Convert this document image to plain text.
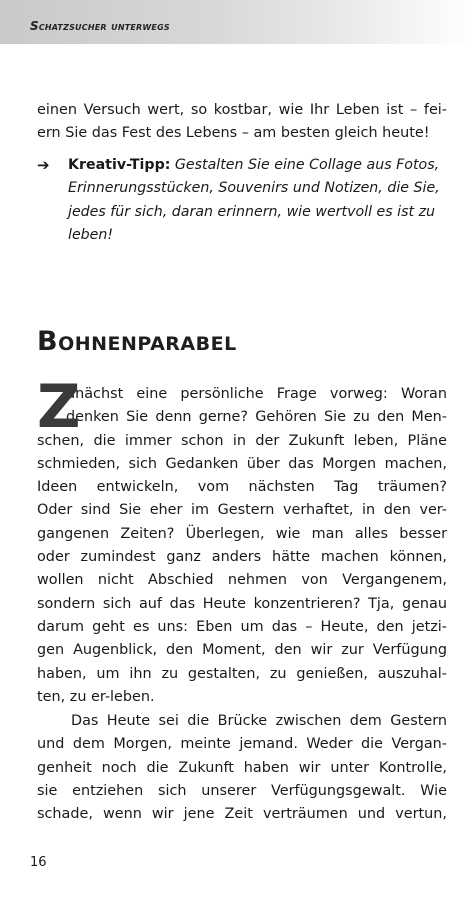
Schatzsucher unterwegs
einen Versuch wert, so kostbar, wie Ihr Leben ist – fei-
ern Sie das Fest des Lebens – am besten gleich heute!
➔ Kreativ-Tipp: Gestalten Sie eine Collage aus Fotos,
Erinnerungsstücken, Souvenirs und Notizen, die Sie,
jedes für sich, daran erinnern, wie wertvoll es ist zu
leben!
Bohnenparabel
Z
unächst eine persönliche Frage vorweg: Woran
denken Sie denn gerne? Gehören Sie zu den Men-
schen, die immer schon in der Zukunft leben, Pläne
schmieden, sich Gedanken über das Morgen machen,
Ideen entwickeln, vom nächsten Tag träumen?
Oder sind Sie eher im Gestern verhaftet, in den ver-
gangenen Zeiten? Überlegen, wie man alles besser
oder zumindest ganz anders hätte machen können,
wollen nicht Abschied nehmen von Vergangenem,
sondern sich auf das Heute konzentrieren? Tja, genau
darum geht es uns: Eben um das – Heute, den jetzi-
gen Augenblick, den Moment, den wir zur Verfügung
haben, um ihn zu gestalten, zu genießen, auszuhal-
ten, zu er-leben.
Das Heute sei die Brücke zwischen dem Gestern
und dem Morgen, meinte jemand. Weder die Vergan-
genheit noch die Zukunft haben wir unter Kontrolle,
sie entziehen sich unserer Verfügungsgewalt. Wie
schade, wenn wir jene Zeit verträumen und vertun,
16
